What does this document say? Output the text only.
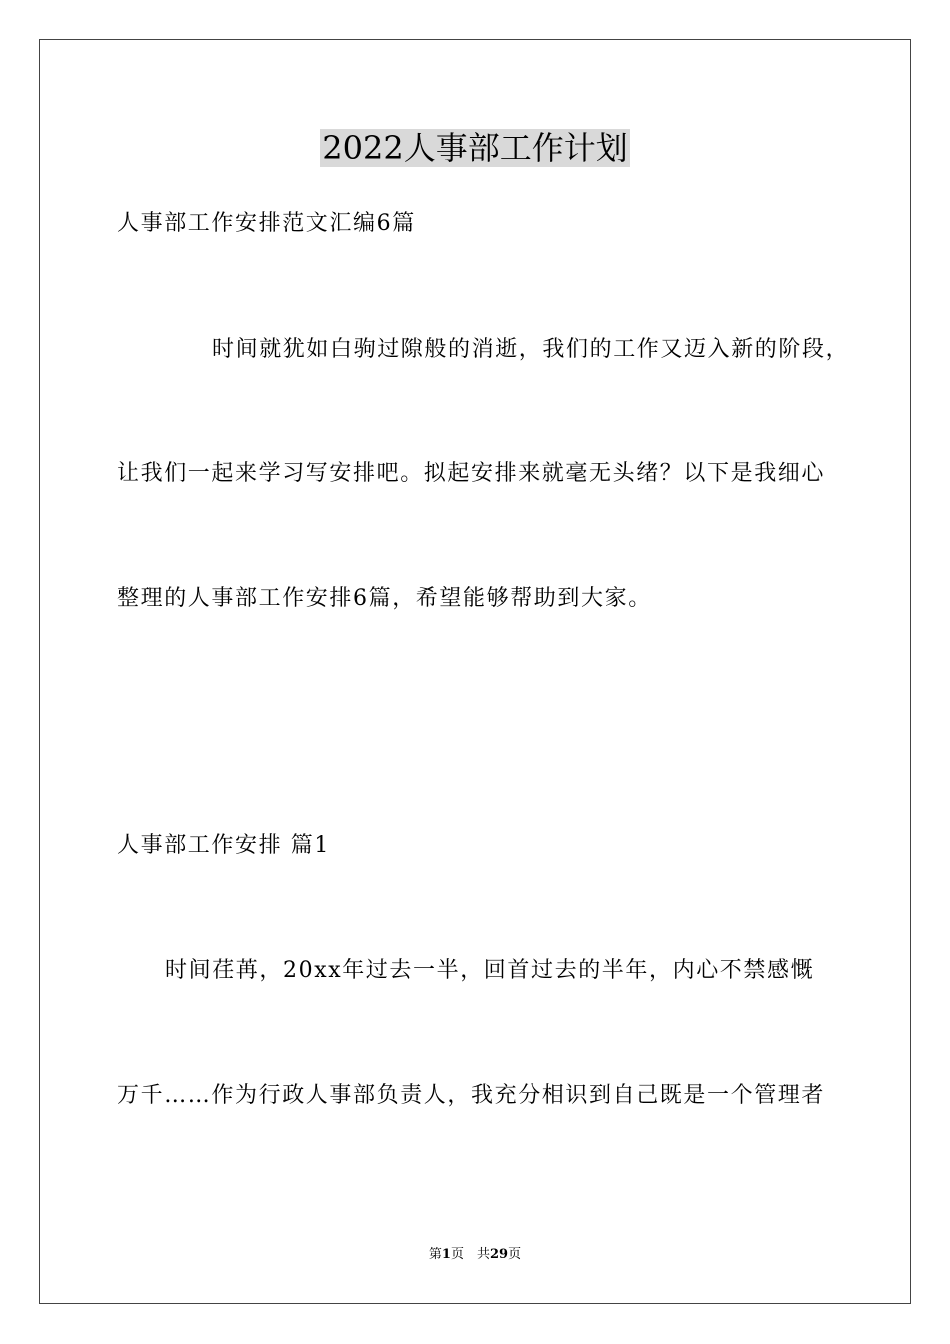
2022人事部工作计划
人事部工作安排范文汇编6篇
时间就犹如白驹过隙般的消逝，我们的工作又迈入新的阶段，
让我们一起来学习写安排吧。拟起安排来就毫无头绪？以下是我细心
整理的人事部工作安排6篇，希望能够帮助到大家。
人事部工作安排 篇1
时间荏苒，20xx年过去一半，回首过去的半年，内心不禁感慨
万千……作为行政人事部负责人，我充分相识到自己既是一个管理者
第1页　共29页
